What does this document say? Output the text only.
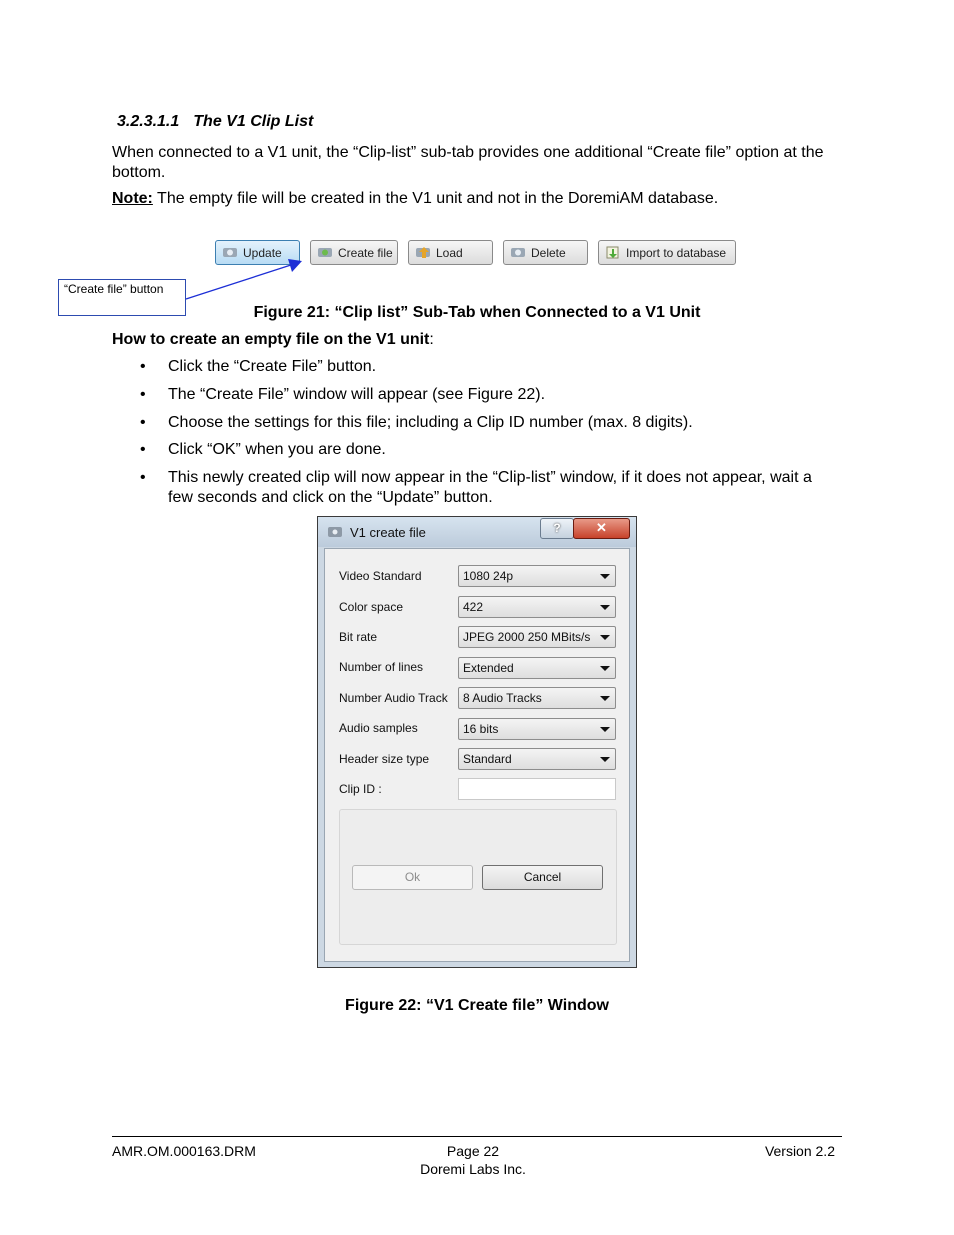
3.2.3.1.1 The V1 Clip List
When connected to a V1 unit, the “Clip-list” sub-tab provides one additional “Create file” option at the bottom.
Note: The empty file will be created in the V1 unit and not in the DoremiAM database.
Update	Create file	Load	Delete	Import to database
“Create file” button
Figure 21: “Clip list” Sub-Tab when Connected to a V1 Unit
How to create an empty file on the V1 unit:
•	Click the “Create File” button.
•	The “Create File” window will appear (see Figure 22).
•	Choose the settings for this file; including a Clip ID number (max. 8 digits).
•	Click “OK” when you are done.
•	This newly created clip will now appear in the “Clip-list” window, if it does not appear, wait a few seconds and click on the “Update” button.
V1 create file	?	✕
Video Standard	1080 24p
Color space	422
Bit rate	JPEG 2000 250 MBits/s
Number of lines	Extended
Number Audio Track	8 Audio Tracks
Audio samples	16 bits
Header size type	Standard
Clip ID :
Ok	Cancel
Figure 22: “V1 Create file” Window
AMR.OM.000163.DRM	Page 22
Doremi Labs Inc.
Version 2.2
